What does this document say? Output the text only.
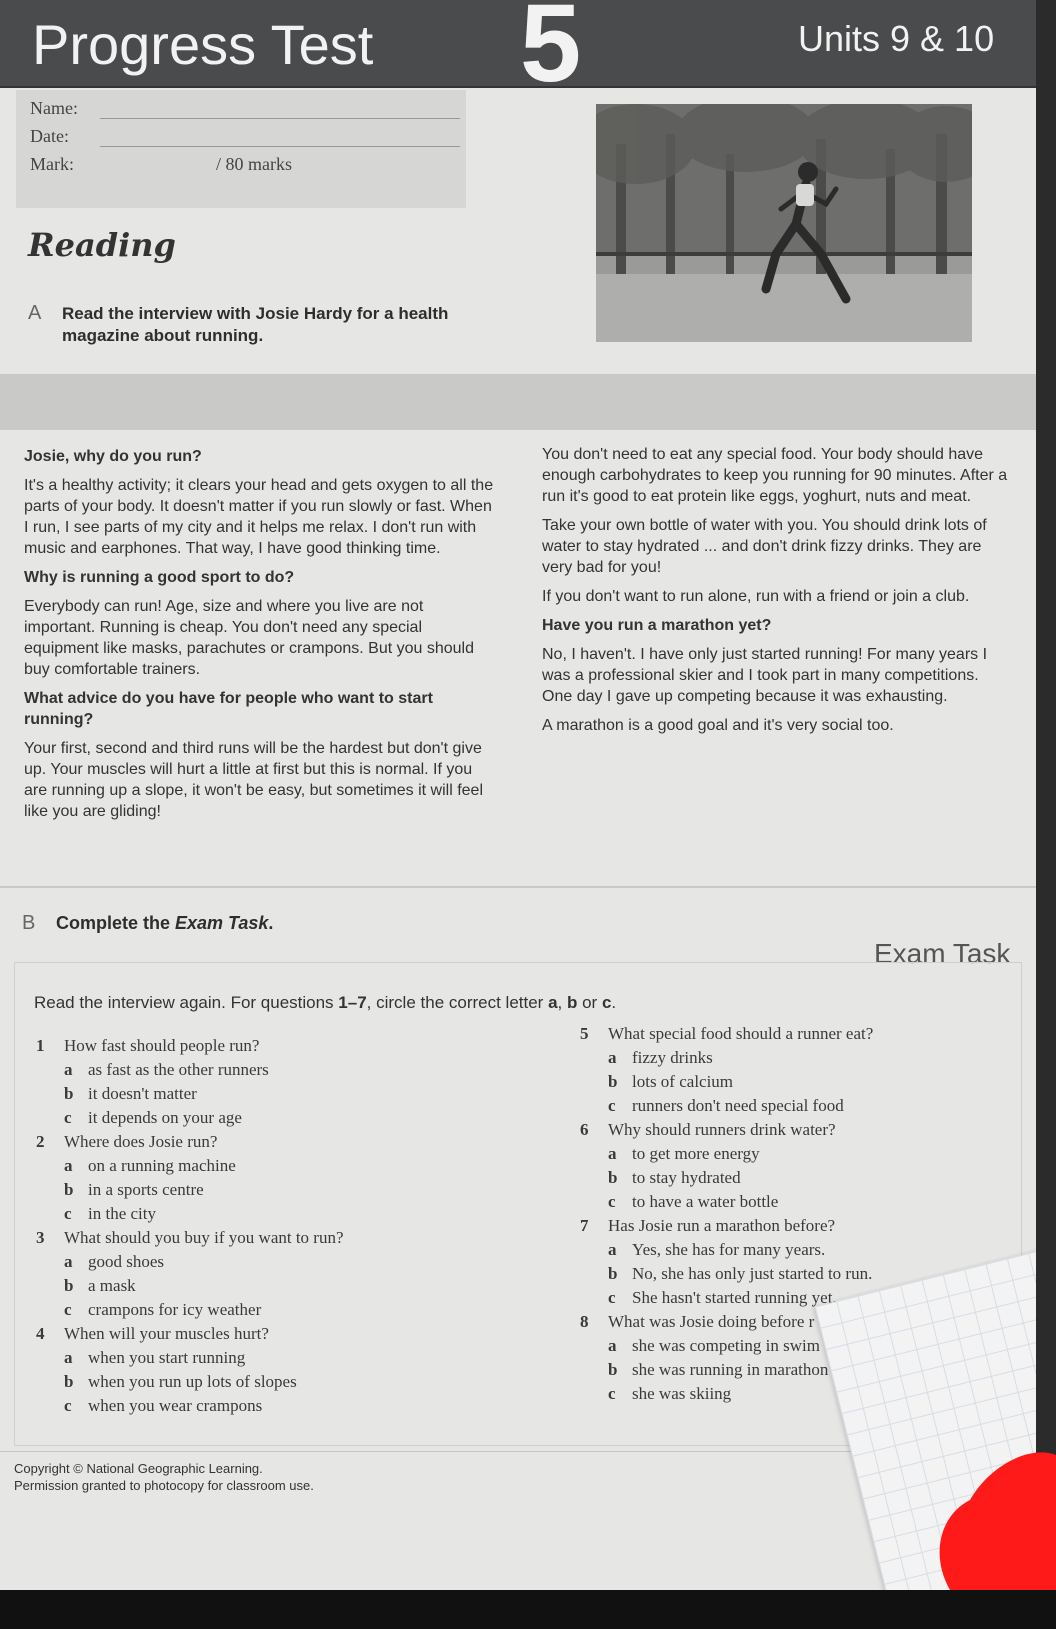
Progress Test 5	Units 9 & 10
Name:
Date:
Mark:	/ 80 marks
Reading
A Read the interview with Josie Hardy for a health magazine about running.

Josie, why do you run?

It's a healthy activity; it clears your head and gets oxygen to all the parts of your body. It doesn't matter if you run slowly or fast. When I run, I see parts of my city and it helps me relax. I don't run with music and earphones. That way, I have good thinking time.

Why is running a good sport to do?

Everybody can run! Age, size and where you live are not important. Running is cheap. You don't need any special equipment like masks, parachutes or crampons. But you should buy comfortable trainers.

What advice do you have for people who want to start running?

Your first, second and third runs will be the hardest but don't give up. Your muscles will hurt a little at first but this is normal. If you are running up a slope, it won't be easy, but sometimes it will feel like you are gliding!

You don't need to eat any special food. Your body should have enough carbohydrates to keep you running for 90 minutes. After a run it's good to eat protein like eggs, yoghurt, nuts and meat.

Take your own bottle of water with you. You should drink lots of water to stay hydrated ... and don't drink fizzy drinks. They are very bad for you!

If you don't want to run alone, run with a friend or join a club.

Have you run a marathon yet?

No, I haven't. I have only just started running! For many years I was a professional skier and I took part in many competitions. One day I gave up competing because it was exhausting.

A marathon is a good goal and it's very social too.

B Complete the Exam Task.
Exam Task
Read the interview again. For questions 1–7, circle the correct letter a, b or c.
1 How fast should people run?
a as fast as the other runners
b it doesn't matter
c it depends on your age
2 Where does Josie run?
a on a running machine
b in a sports centre
c in the city
3 What should you buy if you want to run?
a good shoes
b a mask
c crampons for icy weather
4 When will your muscles hurt?
a when you start running
b when you run up lots of slopes
c when you wear crampons
5 What special food should a runner eat?
a fizzy drinks
b lots of calcium
c runners don't need special food
6 Why should runners drink water?
a to get more energy
b to stay hydrated
c to have a water bottle
7 Has Josie run a marathon before?
a Yes, she has for many years.
b No, she has only just started to run.
c She hasn't started running yet.
8 What was Josie doing before r
a she was competing in swim
b she was running in marathon
c she was skiing
Copyright © National Geographic Learning.
Permission granted to photocopy for classroom use.
